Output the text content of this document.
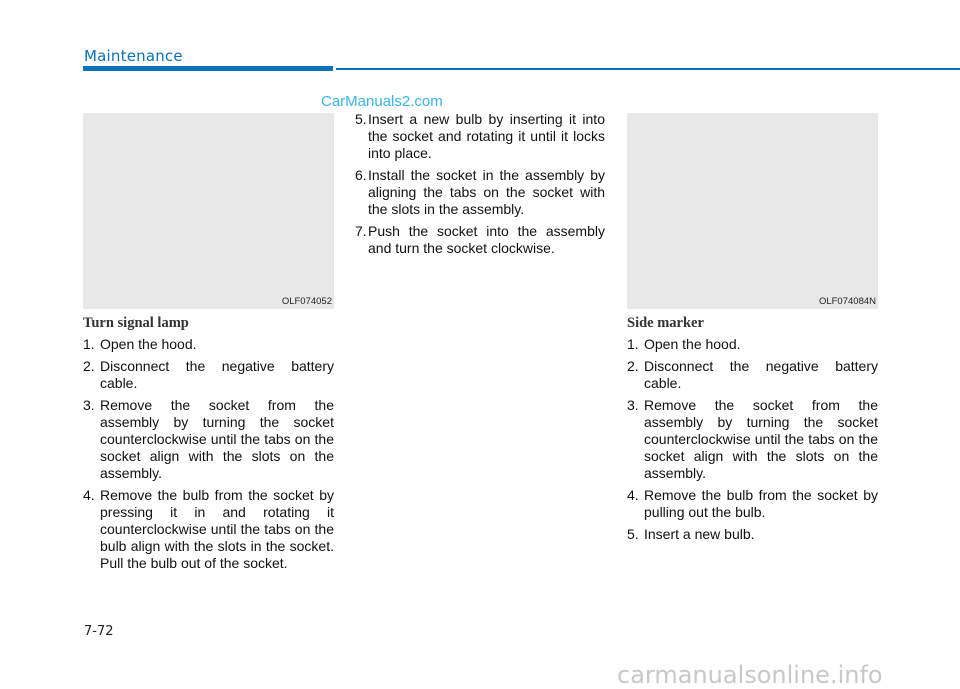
Maintenance
CarManuals2.com
OLF074052	OLF074084N
Turn signal lamp
1. Open the hood.
2. Disconnect the negative battery cable.
3. Remove the socket from the assembly by turning the socket counterclockwise until the tabs on the socket align with the slots on the assembly.
4. Remove the bulb from the socket by pressing it in and rotating it counterclockwise until the tabs on the bulb align with the slots in the socket. Pull the bulb out of the socket.
5. Insert a new bulb by inserting it into the socket and rotating it until it locks into place.
6. Install the socket in the assembly by aligning the tabs on the socket with the slots in the assembly.
7. Push the socket into the assembly and turn the socket clockwise.
Side marker
1. Open the hood.
2. Disconnect the negative battery cable.
3. Remove the socket from the assembly by turning the socket counterclockwise until the tabs on the socket align with the slots on the assembly.
4. Remove the bulb from the socket by pulling out the bulb.
5. Insert a new bulb.
7-72
carmanualsonline.info
